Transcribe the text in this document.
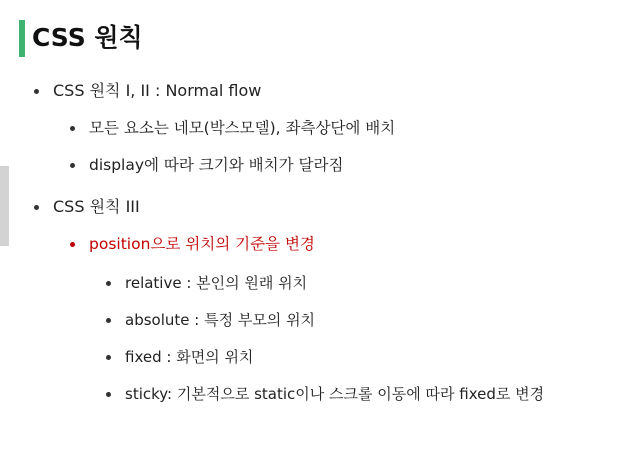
CSS 원칙
CSS 원칙 I, II : Normal flow
모든 요소는 네모(박스모델), 좌측상단에 배치
display에 따라 크기와 배치가 달라짐
CSS 원칙 III
position으로 위치의 기준을 변경
relative : 본인의 원래 위치
absolute : 특정 부모의 위치
fixed : 화면의 위치
sticky: 기본적으로 static이나 스크롤 이동에 따라 fixed로 변경
